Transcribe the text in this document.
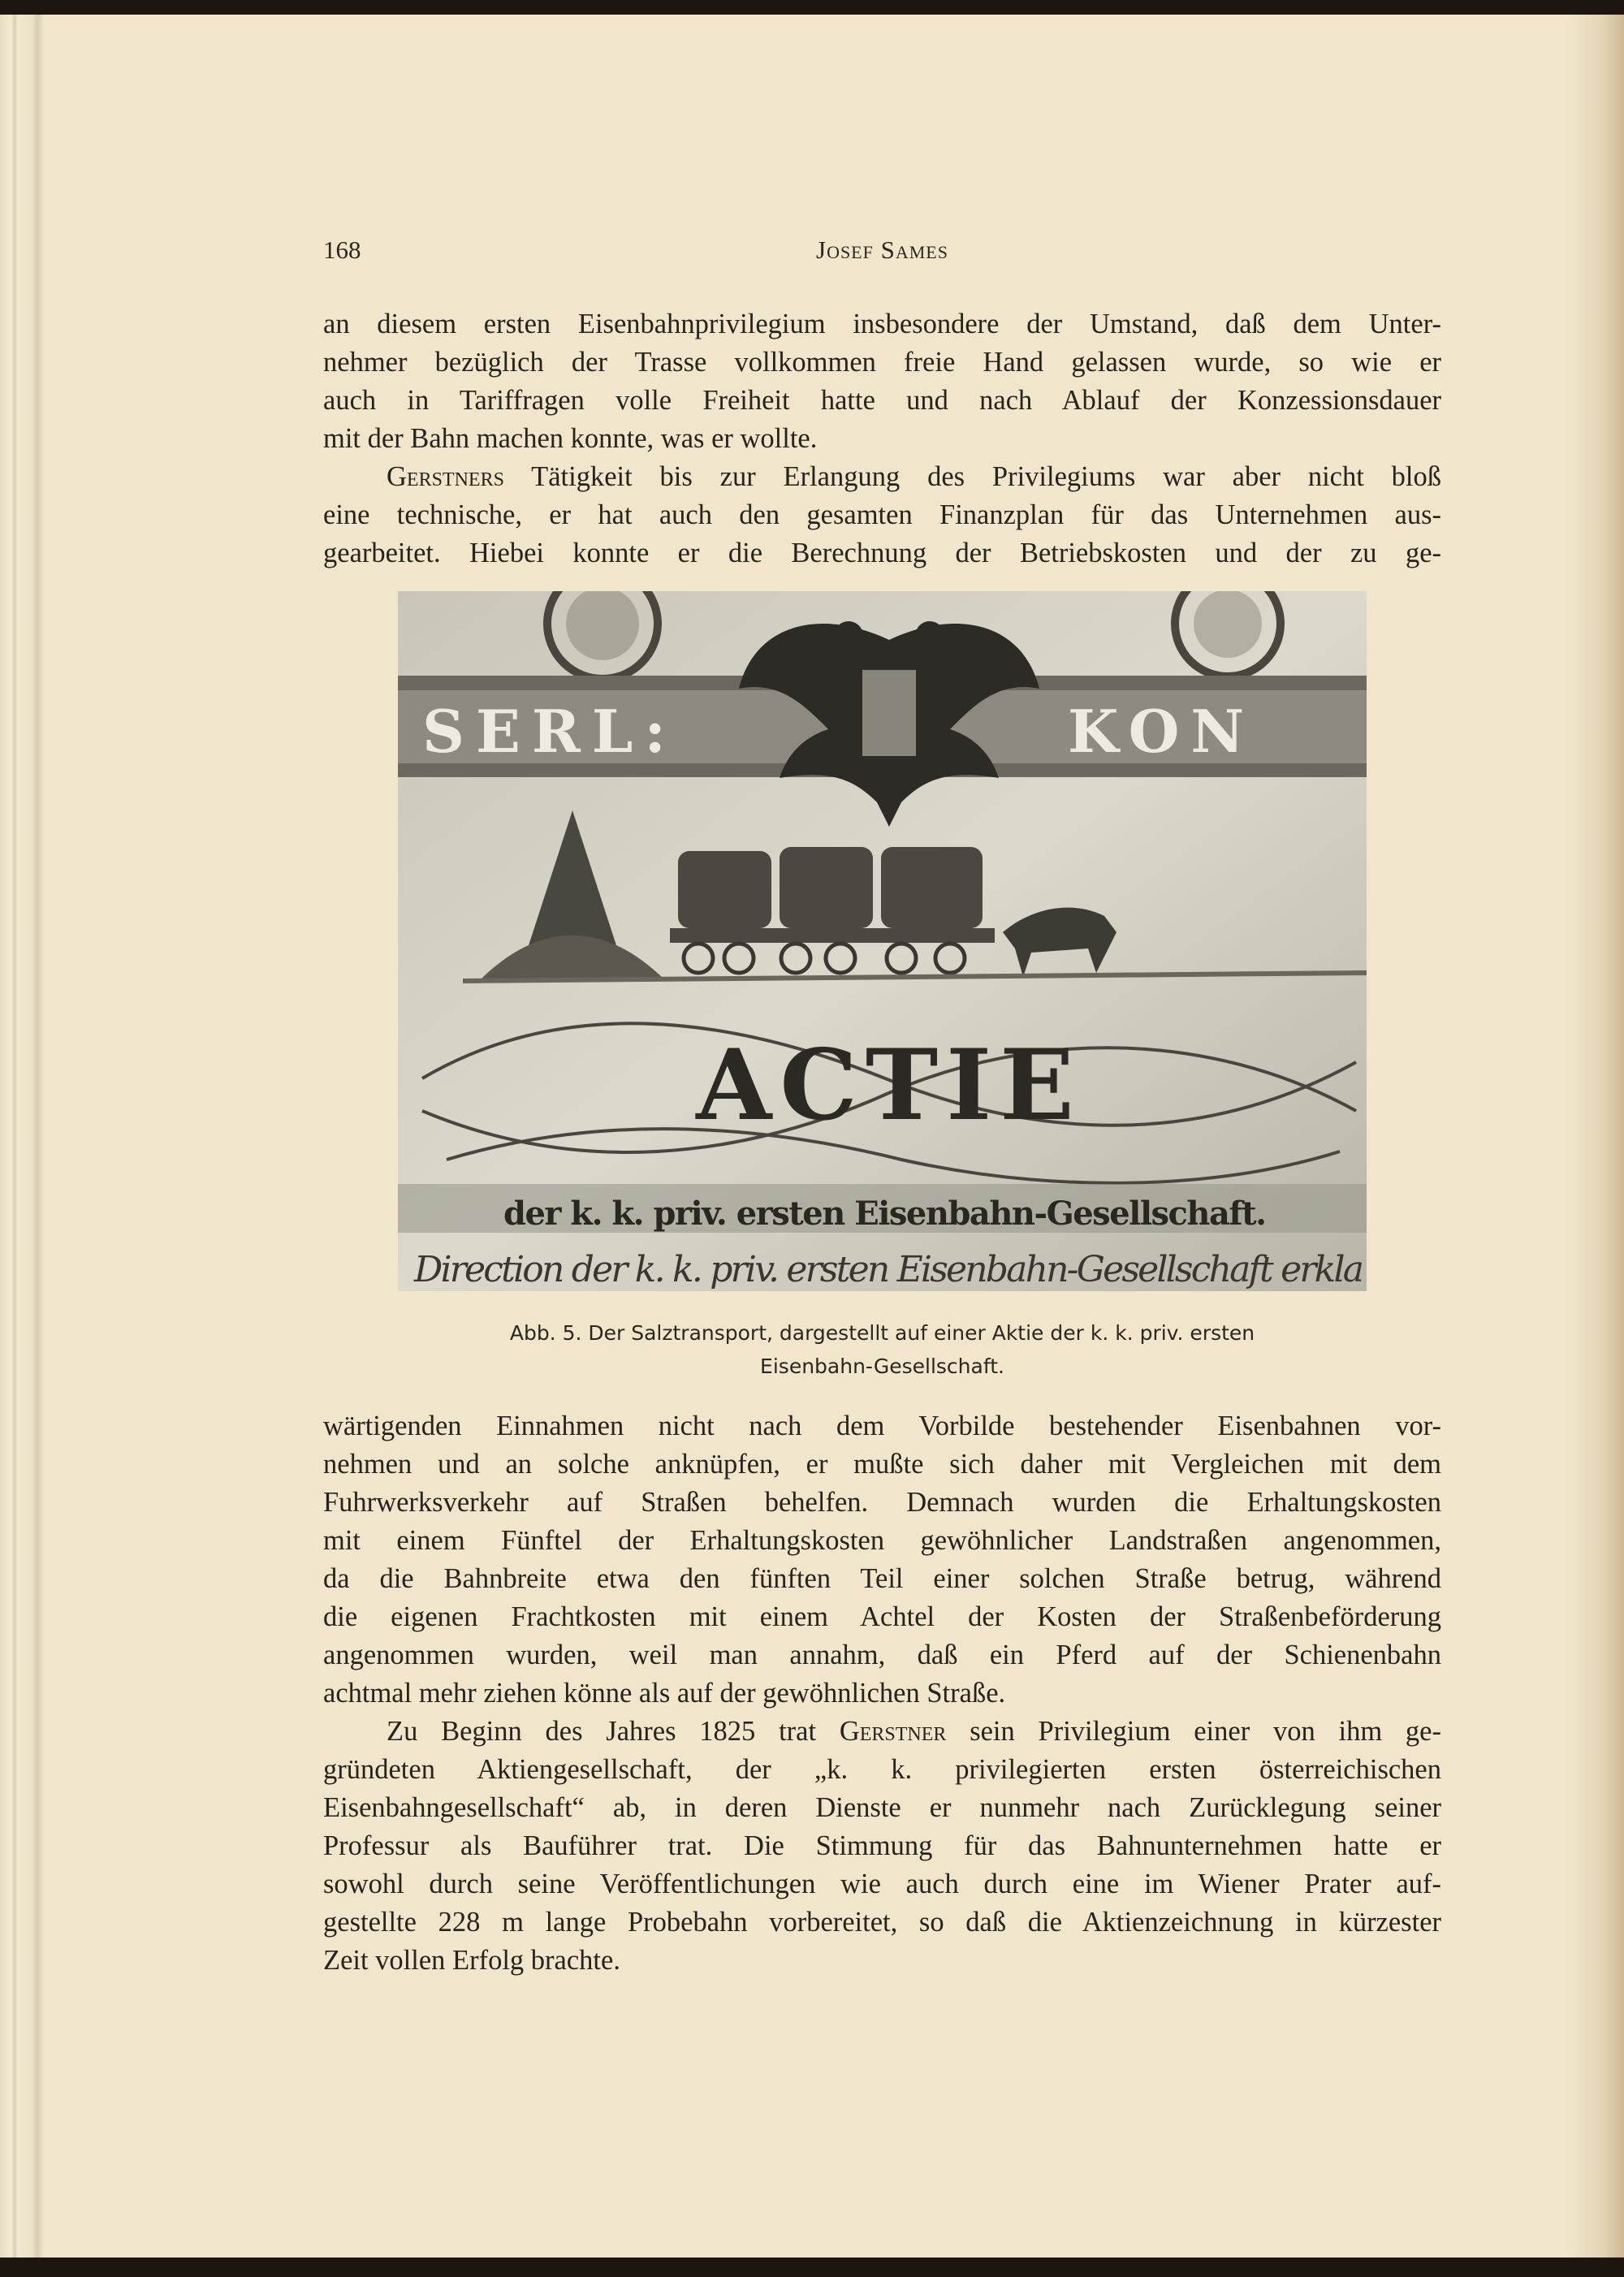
168	Josef Sames
an diesem ersten Eisenbahnprivilegium insbesondere der Umstand, daß dem Unter-
nehmer bezüglich der Trasse vollkommen freie Hand gelassen wurde, so wie er
auch in Tariffragen volle Freiheit hatte und nach Ablauf der Konzessionsdauer
mit der Bahn machen konnte, was er wollte.
Gerstners Tätigkeit bis zur Erlangung des Privilegiums war aber nicht bloß
eine technische, er hat auch den gesamten Finanzplan für das Unternehmen aus-
gearbeitet. Hiebei konnte er die Berechnung der Betriebskosten und der zu ge-
SERL:	KON
ACTIE
der k. k. priv. ersten Eisenbahn-Gesellschaft.
Direction der k. k. priv. ersten Eisenbahn-Gesellschaft erkla
Abb. 5. Der Salztransport, dargestellt auf einer Aktie der k. k. priv. ersten
Eisenbahn-Gesellschaft.
wärtigenden Einnahmen nicht nach dem Vorbilde bestehender Eisenbahnen vor-
nehmen und an solche anknüpfen, er mußte sich daher mit Vergleichen mit dem
Fuhrwerksverkehr auf Straßen behelfen. Demnach wurden die Erhaltungskosten
mit einem Fünftel der Erhaltungskosten gewöhnlicher Landstraßen angenommen,
da die Bahnbreite etwa den fünften Teil einer solchen Straße betrug, während
die eigenen Frachtkosten mit einem Achtel der Kosten der Straßenbeförderung
angenommen wurden, weil man annahm, daß ein Pferd auf der Schienenbahn
achtmal mehr ziehen könne als auf der gewöhnlichen Straße.
Zu Beginn des Jahres 1825 trat Gerstner sein Privilegium einer von ihm ge-
gründeten Aktiengesellschaft, der „k. k. privilegierten ersten österreichischen
Eisenbahngesellschaft“ ab, in deren Dienste er nunmehr nach Zurücklegung seiner
Professur als Bauführer trat. Die Stimmung für das Bahnunternehmen hatte er
sowohl durch seine Veröffentlichungen wie auch durch eine im Wiener Prater auf-
gestellte 228 m lange Probebahn vorbereitet, so daß die Aktienzeichnung in kürzester
Zeit vollen Erfolg brachte.
